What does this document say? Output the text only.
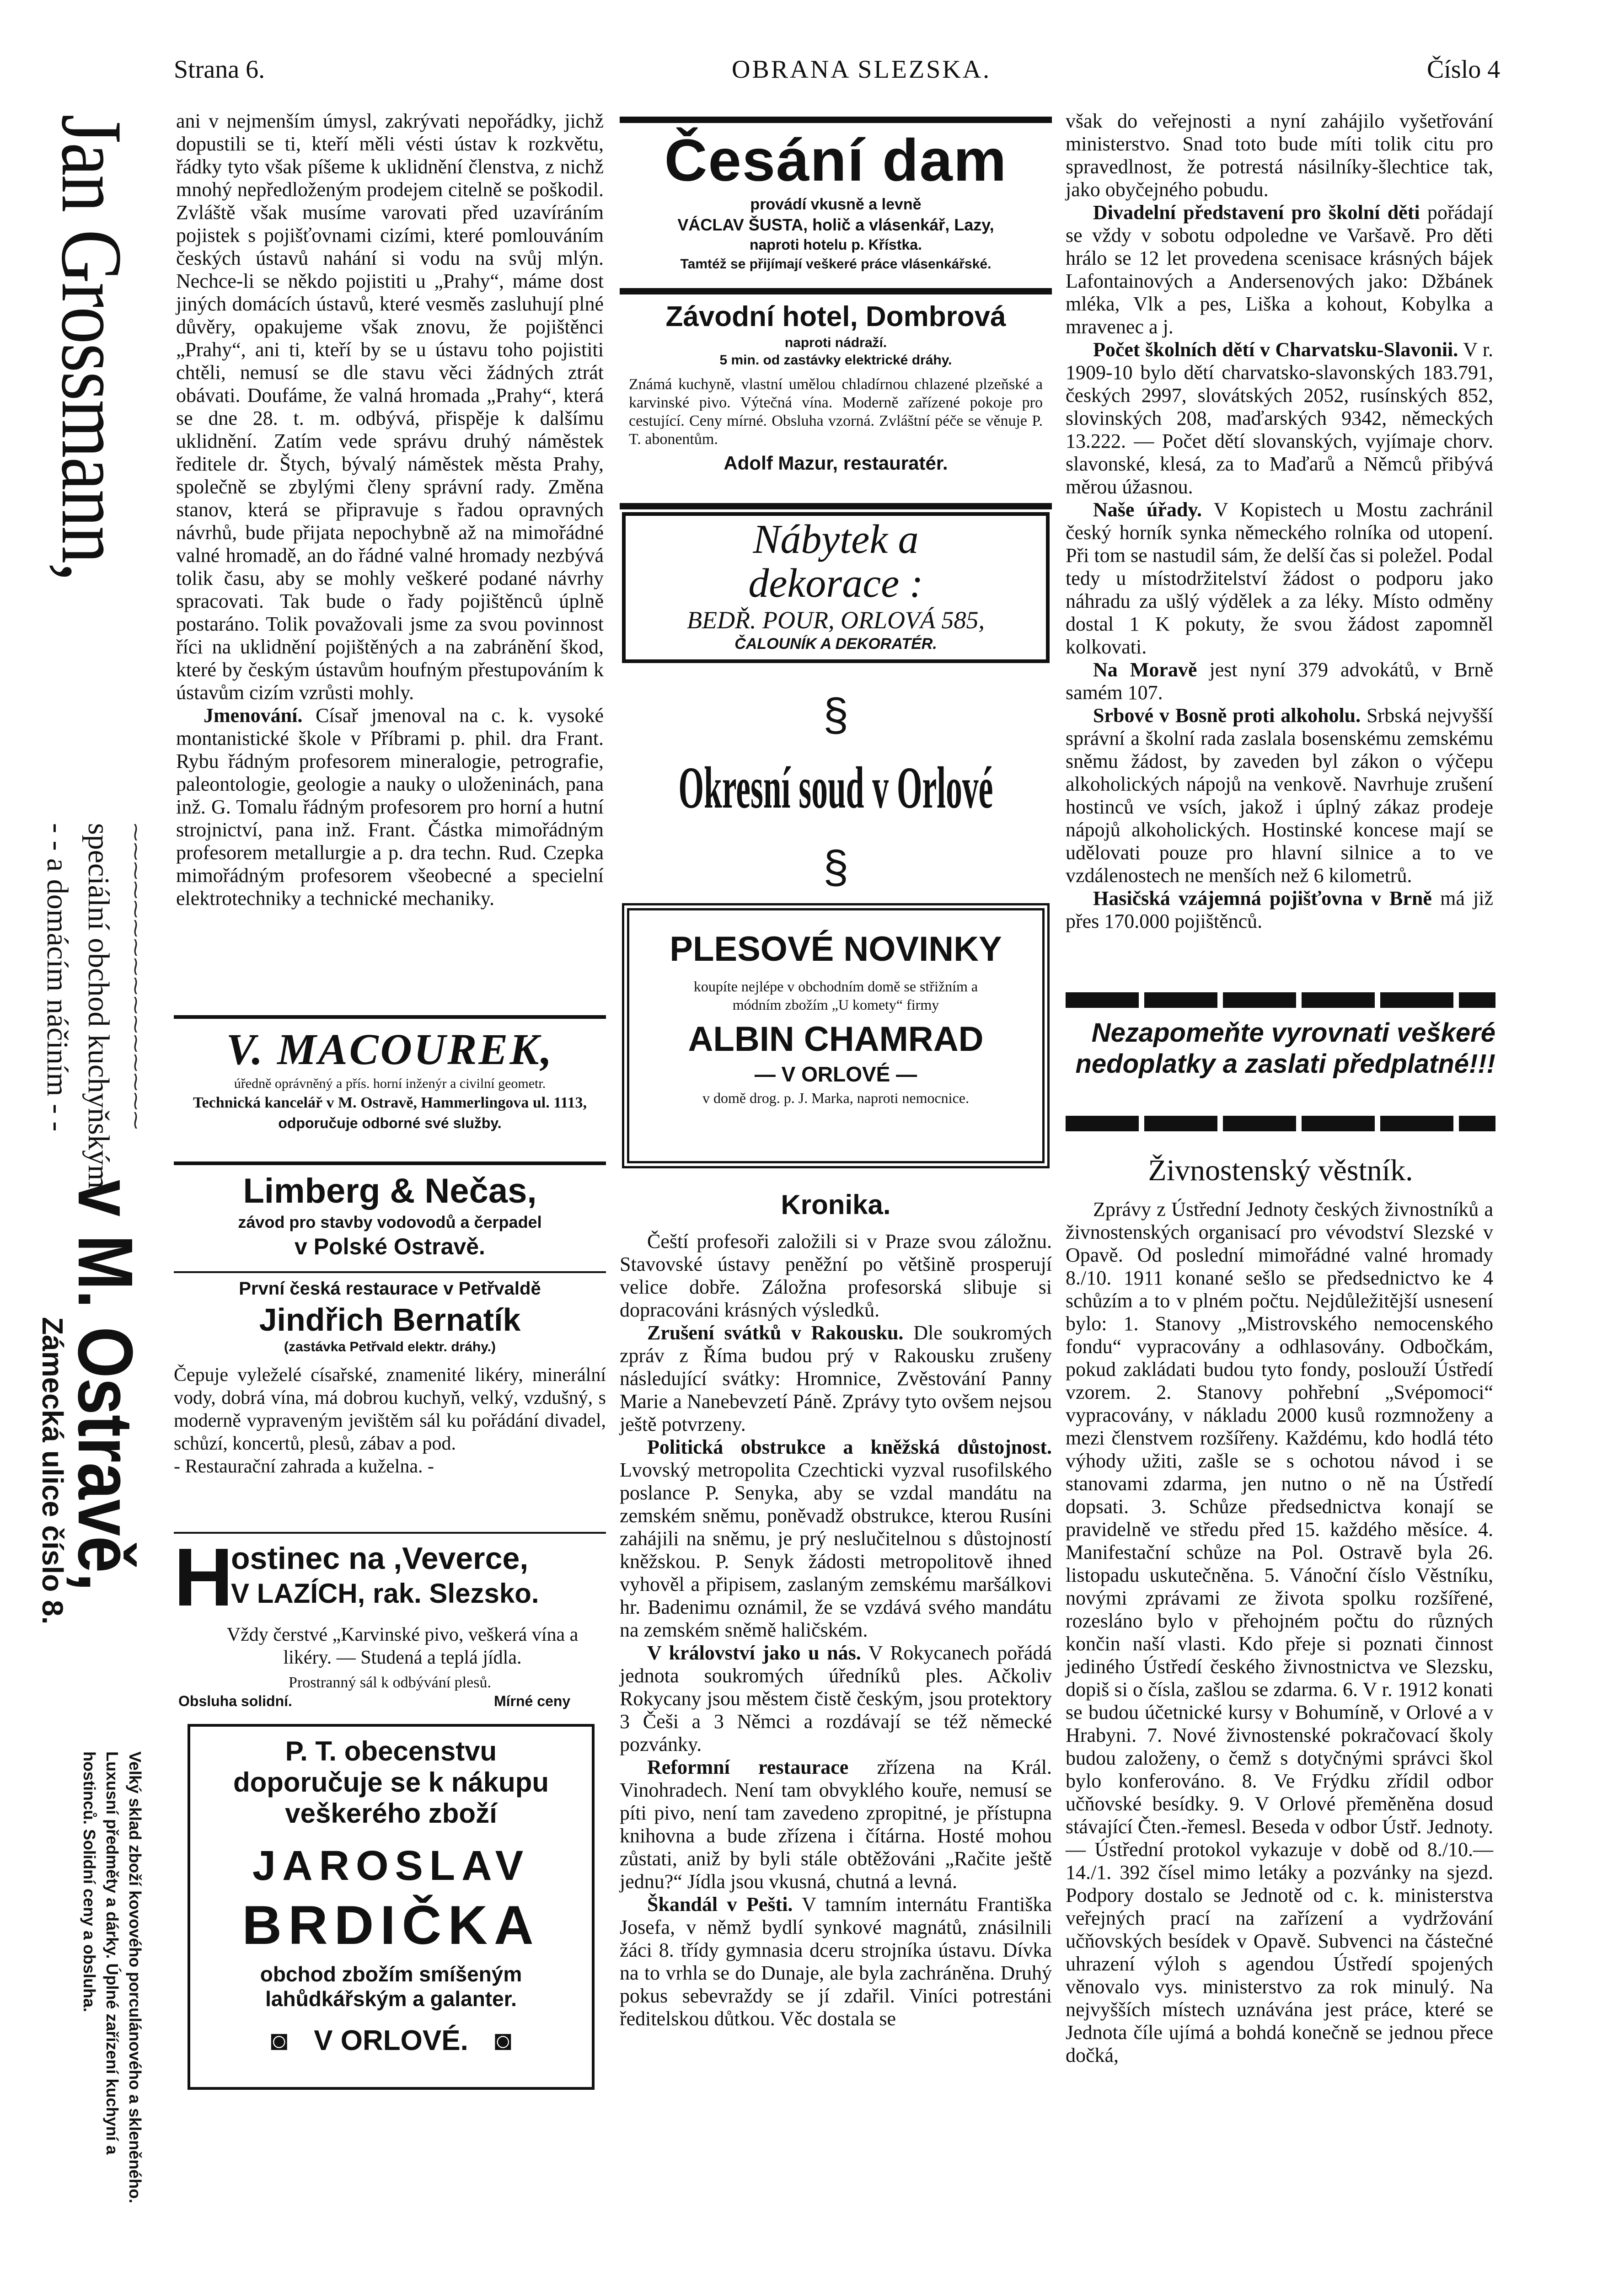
Strana 6.	OBRANA SLEZSKA.	Číslo 4
Jan Grossmann,
speciální obchod kuchyňským
- - a domácím náčiním - -	⁓⁓⁓⁓⁓⁓⁓⁓⁓⁓⁓⁓⁓⁓⁓⁓
v M. Ostravě,
Zámecká ulice číslo 8.
Velký sklad zboží kovového porculánového a skleněného. Luxusní předměty a dárky. Úplné zařízení kuchyní a hostinců. Solidní ceny a obsluha.

ani v nejmenším úmysl, zakrývati nepořádky, jichž dopustili se ti, kteří měli vésti ústav k rozkvětu, řádky tyto však píšeme k uklidnění členstva, z nichž mnohý nepředloženým prodejem citelně se poškodil. Zvláště však musíme varovati před uzavíráním pojistek s pojišťovnami cizími, které pomlouváním českých ústavů nahání si vodu na svůj mlýn. Nechce-li se někdo pojistiti u „Prahy“, máme dost jiných domácích ústavů, které vesměs zasluhují plné důvěry, opakujeme však znovu, že pojištěnci „Prahy“, ani ti, kteří by se u ústavu toho pojistiti chtěli, nemusí se dle stavu věci žádných ztrát obávati. Doufáme, že valná hromada „Prahy“, která se dne 28. t. m. odbývá, přispěje k dalšímu uklidnění. Zatím vede správu druhý náměstek ředitele dr. Štych, bývalý náměstek města Prahy, společně se zbylými členy správní rady. Změna stanov, která se připravuje s řadou opravných návrhů, bude přijata nepochybně až na mimořádné valné hromadě, an do řádné valné hromady nezbývá tolik času, aby se mohly veškeré podané návrhy spracovati. Tak bude o řady pojištěnců úplně postaráno. Tolik považovali jsme za svou povinnost říci na uklidnění pojištěných a na zabránění škod, které by českým ústavům houfným přestupováním k ústavům cizím vzrůsti mohly.

Jmenování. Císař jmenoval na c. k. vysoké montanistické škole v Příbrami p. phil. dra Frant. Rybu řádným profesorem mineralogie, petrografie, paleontologie, geologie a nauky o uloženinách, pana inž. G. Tomalu řádným profesorem pro horní a hutní strojnictví, pana inž. Frant. Částka mimořádným profesorem metallurgie a p. dra techn. Rud. Czepka mimořádným profesorem všeobecné a specielní elektrotechniky a technické mechaniky.

V. MACOUREK,
úředně oprávněný a přís. horní inženýr a civilní geometr.
Technická kancelář v M. Ostravě, Hammerlingova ul. 1113,
odporučuje odborné své služby.
Limberg & Nečas,
závod pro stavby vodovodů a čerpadel
v Polské Ostravě.
První česká restaurace v Petřvaldě
Jindřich Bernatík
(zastávka Petřvald elektr. dráhy.)
Čepuje vyleželé císařské, znamenité likéry, minerální vody, dobrá vína, má dobrou kuchyň, velký, vzdušný, s moderně vypraveným jevištěm sál ku pořádání divadel, schůzí, koncertů, plesů, zábav a pod.
- Restaurační zahrada a kuželna. -
H
ostinec na ,Veverce,
V LAZÍCH, rak. Slezsko.
Vždy čerstvé „Karvinské pivo, veškerá vína a likéry. — Studená a teplá jídla.
Prostranný sál k odbývání plesů.
Obsluha solidní.	Mírné ceny
P. T. obecenstvu doporučuje se k nákupu veškerého zboží
JAROSLAV
BRDIČKA
obchod zbožím smíšeným lahůdkářským a galanter.
◙ V ORLOVÉ. ◙
Česání dam
provádí vkusně a levně
VÁCLAV ŠUSTA, holič a vlásenkář, Lazy,
naproti hotelu p. Křístka.
Tamtéž se přijímají veškeré práce vlásenkářské.
Závodní hotel, Dombrová
naproti nádraží.
5 min. od zastávky elektrické dráhy.
Známá kuchyně, vlastní umělou chladírnou chlazené plzeňské a karvinské pivo. Výtečná vína. Moderně zařízené pokoje pro cestující. Ceny mírné. Obsluha vzorná. Zvláštní péče se věnuje P. T. abonentům.
Adolf Mazur, restauratér.
Nábytek a
dekorace :
BEDŘ. POUR, ORLOVÁ 585,
ČALOUNÍK A DEKORATÉR.
§ Okresní soud v Orlové §
PLESOVÉ NOVINKY
koupíte nejlépe v obchodním domě se střižním a módním zbožím „U komety“ firmy
ALBIN CHAMRAD
— V ORLOVÉ —
v domě drog. p. J. Marka, naproti nemocnice.
Kronika.

Čeští profesoři založili si v Praze svou záložnu. Stavovské ústavy peněžní po většině prosperují velice dobře. Záložna profesorská slibuje si dopracováni krásných výsledků.

Zrušení svátků v Rakousku. Dle soukromých zpráv z Říma budou prý v Rakousku zrušeny následující svátky: Hromnice, Zvěstování Panny Marie a Nanebevzetí Páně. Zprávy tyto ovšem nejsou ještě potvrzeny.

Politická obstrukce a kněžská důstojnost. Lvovský metropolita Czechticki vyzval rusofilského poslance P. Senyka, aby se vzdal mandátu na zemském sněmu, poněvadž obstrukce, kterou Rusíni zahájili na sněmu, je prý neslučitelnou s důstojností kněžskou. P. Senyk žádosti metropolitově ihned vyhověl a připisem, zaslaným zemskému maršálkovi hr. Badenimu oznámil, že se vzdává svého mandátu na zemském sněmě haličském.

V království jako u nás. V Rokycanech pořádá jednota soukromých úředníků ples. Ačkoliv Rokycany jsou městem čistě českým, jsou protektory 3 Češi a 3 Němci a rozdávají se též německé pozvánky.

Reformní restaurace zřízena na Král. Vinohradech. Není tam obvyklého kouře, nemusí se píti pivo, není tam zavedeno zpropitné, je přístupna knihovna a bude zřízena i čítárna. Hosté mohou zůstati, aniž by byli stále obtěžováni „Račite ještě jednu?“ Jídla jsou vkusná, chutná a levná.

Škandál v Pešti. V tamním internátu Františka Josefa, v němž bydlí synkové magnátů, znásilnili žáci 8. třídy gymnasia dceru strojníka ústavu. Dívka na to vrhla se do Dunaje, ale byla zachráněna. Druhý pokus sebevraždy se jí zdařil. Viníci potrestáni ředitelskou důtkou. Věc dostala se

však do veřejnosti a nyní zahájilo vyšetřování ministerstvo. Snad toto bude míti tolik citu pro spravedlnost, že potrestá násilníky-šlechtice tak, jako obyčejného pobudu.

Divadelní představení pro školní děti pořádají se vždy v sobotu odpoledne ve Varšavě. Pro děti hrálo se 12 let provedena scenisace krásných bájek Lafontainových a Andersenových jako: Džbánek mléka, Vlk a pes, Liška a kohout, Kobylka a mravenec a j.

Počet školních dětí v Charvatsku-Slavonii. V r. 1909-10 bylo dětí charvatsko-slavonských 183.791, českých 2997, slovátských 2052, rusínských 852, slovinských 208, maďarských 9342, německých 13.222. — Počet dětí slovanských, vyjímaje chorv. slavonské, klesá, za to Maďarů a Němců přibývá měrou úžasnou.

Naše úřady. V Kopistech u Mostu zachránil český horník synka německého rolníka od utopení. Při tom se nastudil sám, že delší čas si poležel. Podal tedy u místodržitelství žádost o podporu jako náhradu za ušlý výdělek a za léky. Místo odměny dostal 1 K pokuty, že svou žádost zapomněl kolkovati.

Na Moravě jest nyní 379 advokátů, v Brně samém 107.

Srbové v Bosně proti alkoholu. Srbská nejvyšší správní a školní rada zaslala bosenskému zemskému sněmu žádost, by zaveden byl zákon o výčepu alkoholických nápojů na venkově. Navrhuje zrušení hostinců ve vsích, jakož i úplný zákaz prodeje nápojů alkoholických. Hostinské koncese mají se udělovati pouze pro hlavní silnice a to ve vzdálenostech ne menších než 6 kilometrů.

Hasičská vzájemná pojišťovna v Brně má již přes 170.000 pojištěnců.

Nezapomeňte vyrovnati veškeré nedoplatky a zaslati předplatné!!!
Živnostenský věstník.

Zprávy z Ústřední Jednoty českých živnostníků a živnostenských organisací pro vévodství Slezské v Opavě. Od poslední mimořádné valné hromady 8./10. 1911 konané sešlo se předsednictvo ke 4 schůzím a to v plném počtu. Nejdůležitější usnesení bylo: 1. Stanovy „Mistrovského nemocenského fondu“ vypracovány a odhlasovány. Odbočkám, pokud zakládati budou tyto fondy, poslouží Ústředí vzorem. 2. Stanovy pohřební „Svépomoci“ vypracovány, v nákladu 2000 kusů rozmnoženy a mezi členstvem rozšířeny. Každému, kdo hodlá této výhody užiti, zašle se s ochotou návod i se stanovami zdarma, jen nutno o ně na Ústředí dopsati. 3. Schůze předsednictva konají se pravidelně ve středu před 15. každého měsíce. 4. Manifestační schůze na Pol. Ostravě byla 26. listopadu uskutečněna. 5. Vánoční číslo Věstníku, novými zprávami ze života spolku rozšířené, rozesláno bylo v přehojném počtu do různých končin naší vlasti. Kdo přeje si poznati činnost jediného Ústředí českého živnostnictva ve Slezsku, dopiš si o čísla, zašlou se zdarma. 6. V r. 1912 konati se budou účetnické kursy v Bohumíně, v Orlové a v Hrabyni. 7. Nové živnostenské pokračovací školy budou založeny, o čemž s dotyčnými správci škol bylo konferováno. 8. Ve Frýdku zřídil odbor učňovské besídky. 9. V Orlové přeměněna dosud stávající Čten.-řemesl. Beseda v odbor Ústř. Jednoty. — Ústřední protokol vykazuje v době od 8./10.—14./1. 392 čísel mimo letáky a pozvánky na sjezd. Podpory dostalo se Jednotě od c. k. ministerstva veřejných prací na zařízení a vydržování učňovských besídek v Opavě. Subvenci na částečné uhrazení výloh s agendou Ústředí spojených věnovalo vys. ministerstvo za rok minulý. Na nejvyšších místech uznávána jest práce, které se Jednota číle ujímá a bohdá konečně se jednou přece dočká,
